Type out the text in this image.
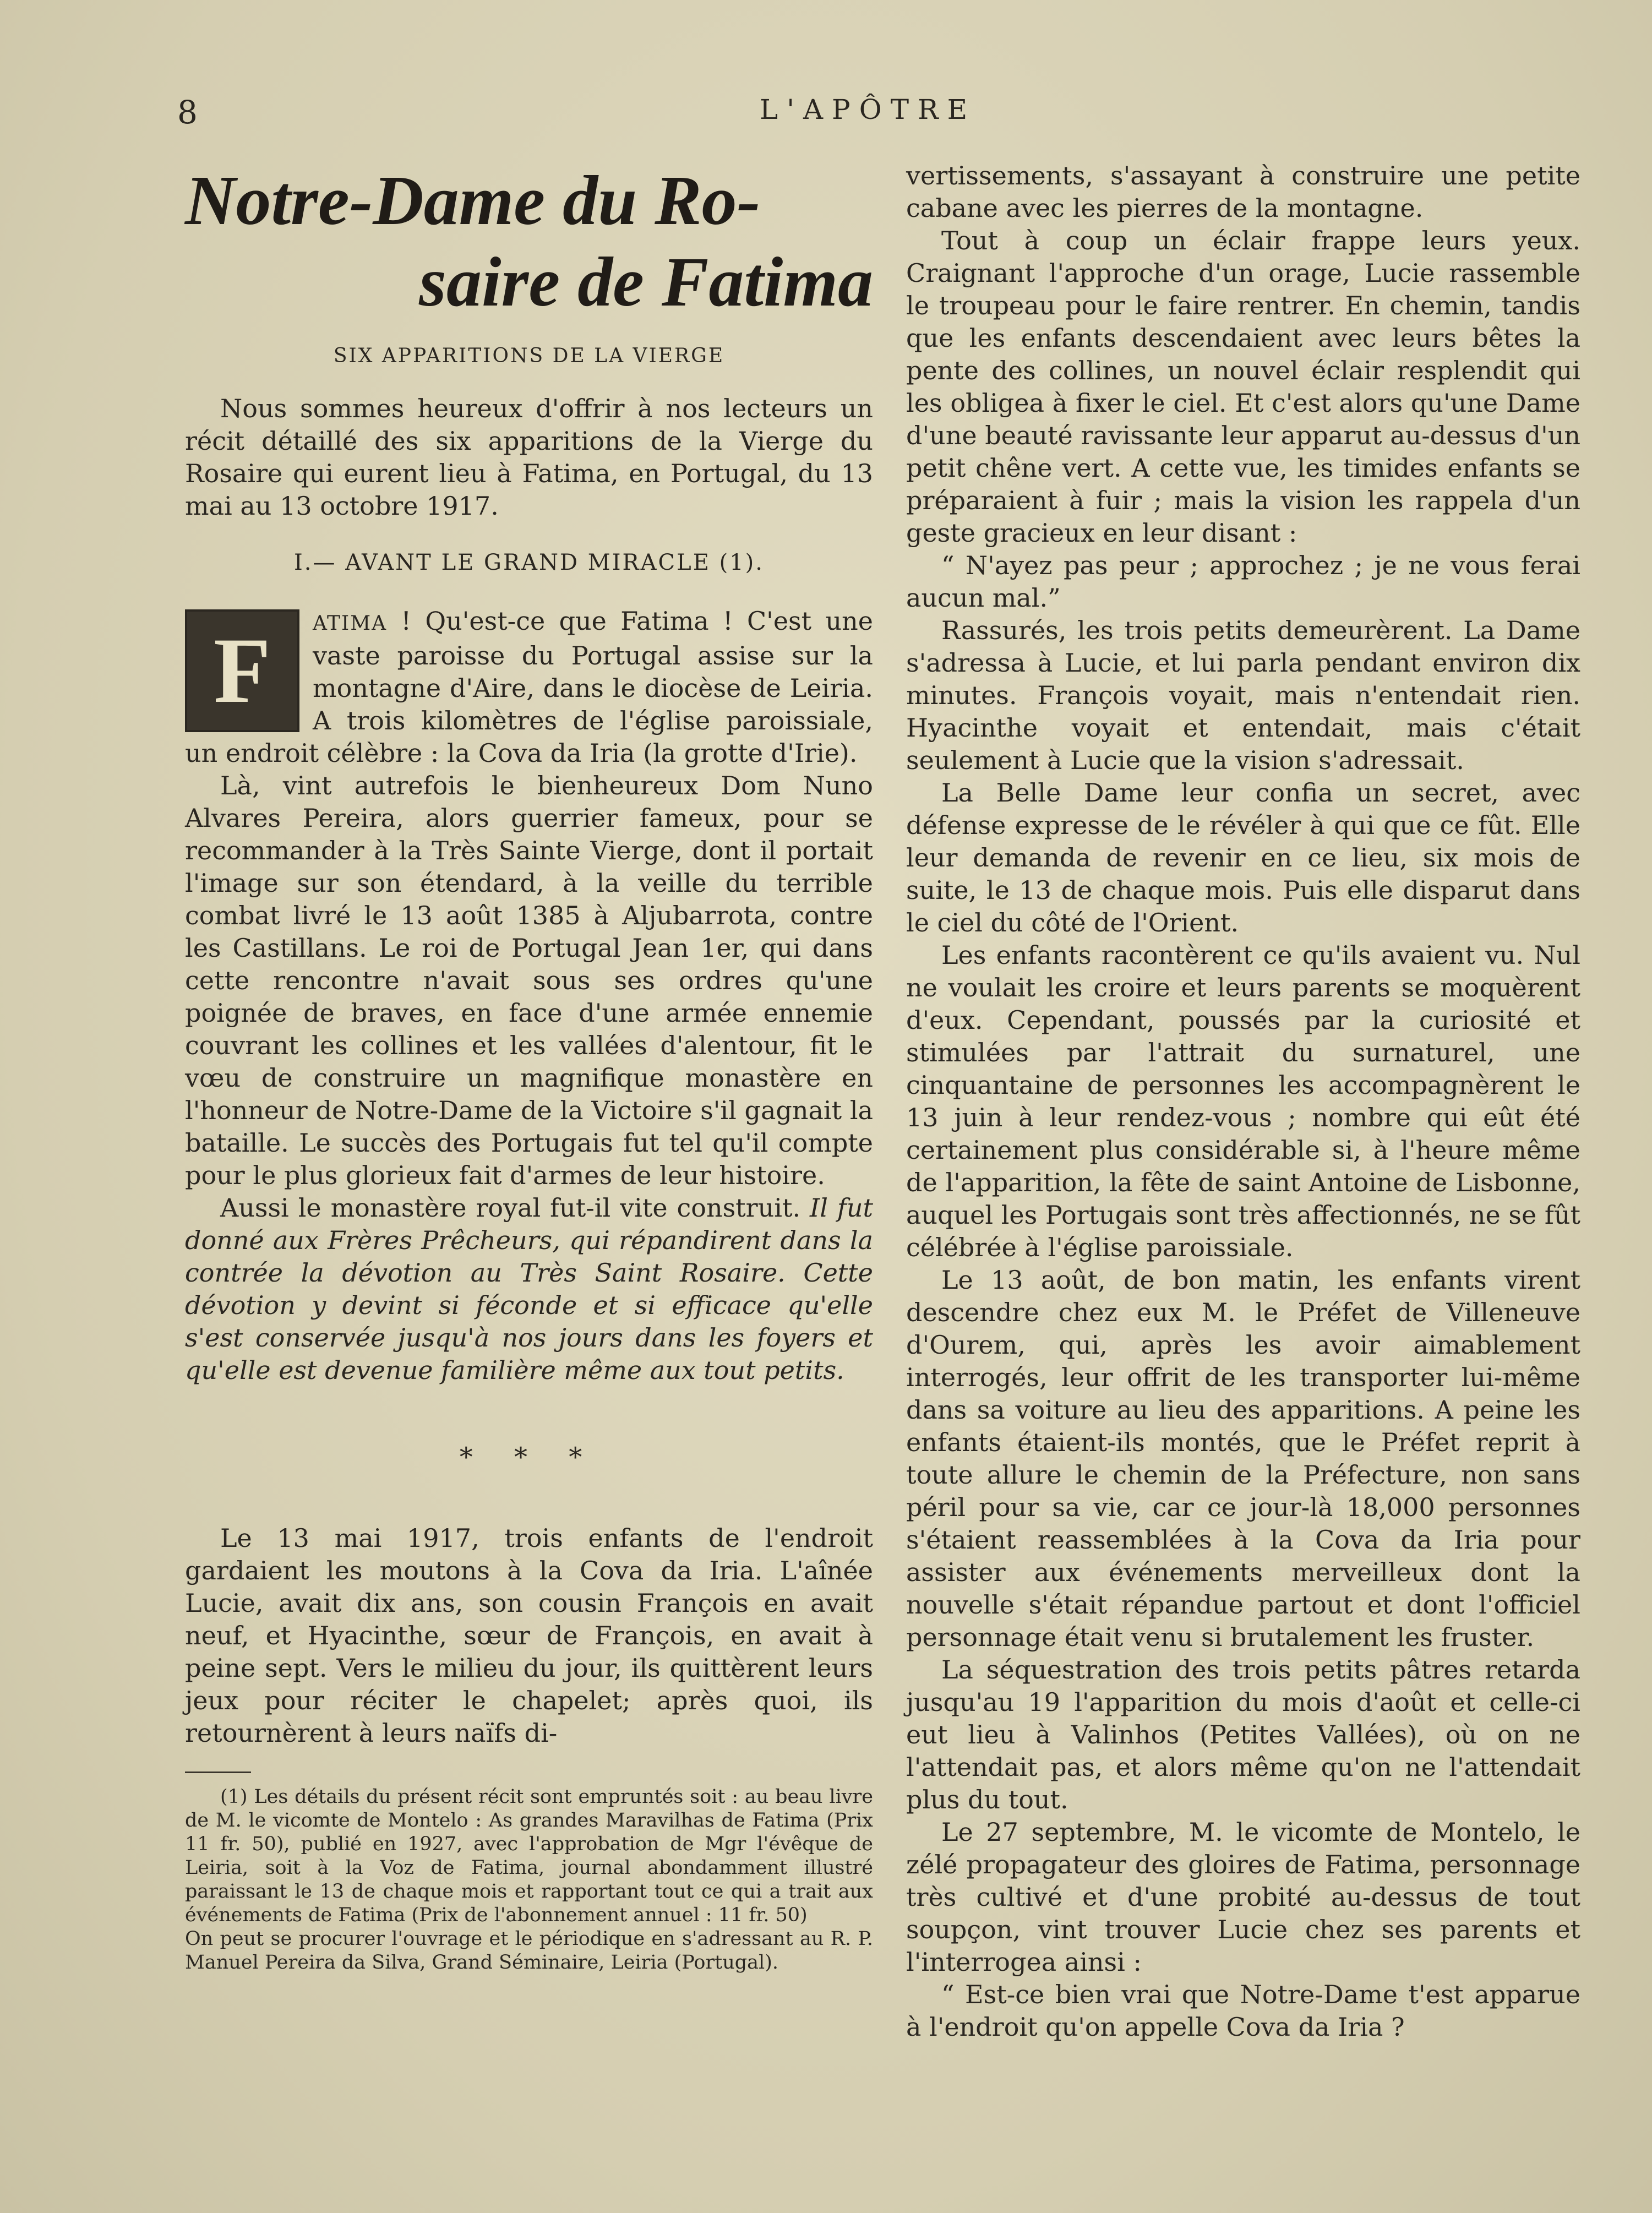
8	L'APÔTRE
Notre-Dame du Ro-
saire de Fatima
SIX APPARITIONS DE LA VIERGE

Nous sommes heureux d'offrir à nos lecteurs un récit détaillé des six apparitions de la Vierge du Rosaire qui eurent lieu à Fatima, en Portugal, du 13 mai au 13 octobre 1917.

I.— AVANT LE GRAND MIRACLE (1).

F	ATIMA ! Qu'est-ce que Fatima ! C'est une vaste paroisse du Portugal assise sur la montagne d'Aire, dans le diocèse de Leiria. A trois kilomètres de l'église paroissiale, un endroit célèbre : la Cova da Iria (la grotte d'Irie).

Là, vint autrefois le bienheureux Dom Nuno Alvares Pereira, alors guerrier fameux, pour se recommander à la Très Sainte Vierge, dont il portait l'image sur son étendard, à la veille du terrible combat livré le 13 août 1385 à Aljubarrota, contre les Castillans. Le roi de Portugal Jean 1er, qui dans cette rencontre n'avait sous ses ordres qu'une poignée de braves, en face d'une armée ennemie couvrant les collines et les vallées d'alentour, fit le vœu de construire un magnifique monastère en l'honneur de Notre-Dame de la Victoire s'il gagnait la bataille. Le succès des Portugais fut tel qu'il compte pour le plus glorieux fait d'armes de leur histoire.

Aussi le monastère royal fut-il vite construit. Il fut donné aux Frères Prêcheurs, qui répandirent dans la contrée la dévotion au Très Saint Rosaire. Cette dévotion y devint si féconde et si efficace qu'elle s'est conservée jusqu'à nos jours dans les foyers et qu'elle est devenue familière même aux tout petits.

* * *

Le 13 mai 1917, trois enfants de l'endroit gardaient les moutons à la Cova da Iria. L'aînée Lucie, avait dix ans, son cousin François en avait neuf, et Hyacinthe, sœur de François, en avait à peine sept. Vers le milieu du jour, ils quittèrent leurs jeux pour réciter le chapelet; après quoi, ils retournèrent à leurs naïfs di-

(1) Les détails du présent récit sont empruntés soit : au beau livre de M. le vicomte de Montelo : As grandes Maravilhas de Fatima (Prix 11 fr. 50), publié en 1927, avec l'approbation de Mgr l'évêque de Leiria, soit à la Voz de Fatima, journal abondamment illustré paraissant le 13 de chaque mois et rapportant tout ce qui a trait aux événements de Fatima (Prix de l'abonnement annuel : 11 fr. 50)

On peut se procurer l'ouvrage et le périodique en s'adressant au R. P. Manuel Pereira da Silva, Grand Séminaire, Leiria (Portugal).

vertissements, s'assayant à construire une petite cabane avec les pierres de la montagne.

Tout à coup un éclair frappe leurs yeux. Craignant l'approche d'un orage, Lucie rassemble le troupeau pour le faire rentrer. En chemin, tandis que les enfants descendaient avec leurs bêtes la pente des collines, un nouvel éclair resplendit qui les obligea à fixer le ciel. Et c'est alors qu'une Dame d'une beauté ravissante leur apparut au-dessus d'un petit chêne vert. A cette vue, les timides enfants se préparaient à fuir ; mais la vision les rappela d'un geste gracieux en leur disant :

“ N'ayez pas peur ; approchez ; je ne vous ferai aucun mal.”

Rassurés, les trois petits demeurèrent. La Dame s'adressa à Lucie, et lui parla pendant environ dix minutes. François voyait, mais n'entendait rien. Hyacinthe voyait et entendait, mais c'était seulement à Lucie que la vision s'adressait.

La Belle Dame leur confia un secret, avec défense expresse de le révéler à qui que ce fût. Elle leur demanda de revenir en ce lieu, six mois de suite, le 13 de chaque mois. Puis elle disparut dans le ciel du côté de l'Orient.

Les enfants racontèrent ce qu'ils avaient vu. Nul ne voulait les croire et leurs parents se moquèrent d'eux. Cependant, poussés par la curiosité et stimulées par l'attrait du surnaturel, une cinquantaine de personnes les accompagnèrent le 13 juin à leur rendez-vous ; nombre qui eût été certainement plus considérable si, à l'heure même de l'apparition, la fête de saint Antoine de Lisbonne, auquel les Portugais sont très affectionnés, ne se fût célébrée à l'église paroissiale.

Le 13 août, de bon matin, les enfants virent descendre chez eux M. le Préfet de Villeneuve d'Ourem, qui, après les avoir aimablement interrogés, leur offrit de les transporter lui-même dans sa voiture au lieu des apparitions. A peine les enfants étaient-ils montés, que le Préfet reprit à toute allure le chemin de la Préfecture, non sans péril pour sa vie, car ce jour-là 18,000 personnes s'étaient reassemblées à la Cova da Iria pour assister aux événements merveilleux dont la nouvelle s'était répandue partout et dont l'officiel personnage était venu si brutalement les fruster.

La séquestration des trois petits pâtres retarda jusqu'au 19 l'apparition du mois d'août et celle-ci eut lieu à Valinhos (Petites Vallées), où on ne l'attendait pas, et alors même qu'on ne l'attendait plus du tout.

Le 27 septembre, M. le vicomte de Montelo, le zélé propagateur des gloires de Fatima, personnage très cultivé et d'une probité au-dessus de tout soupçon, vint trouver Lucie chez ses parents et l'interrogea ainsi :

“ Est-ce bien vrai que Notre-Dame t'est apparue à l'endroit qu'on appelle Cova da Iria ?
